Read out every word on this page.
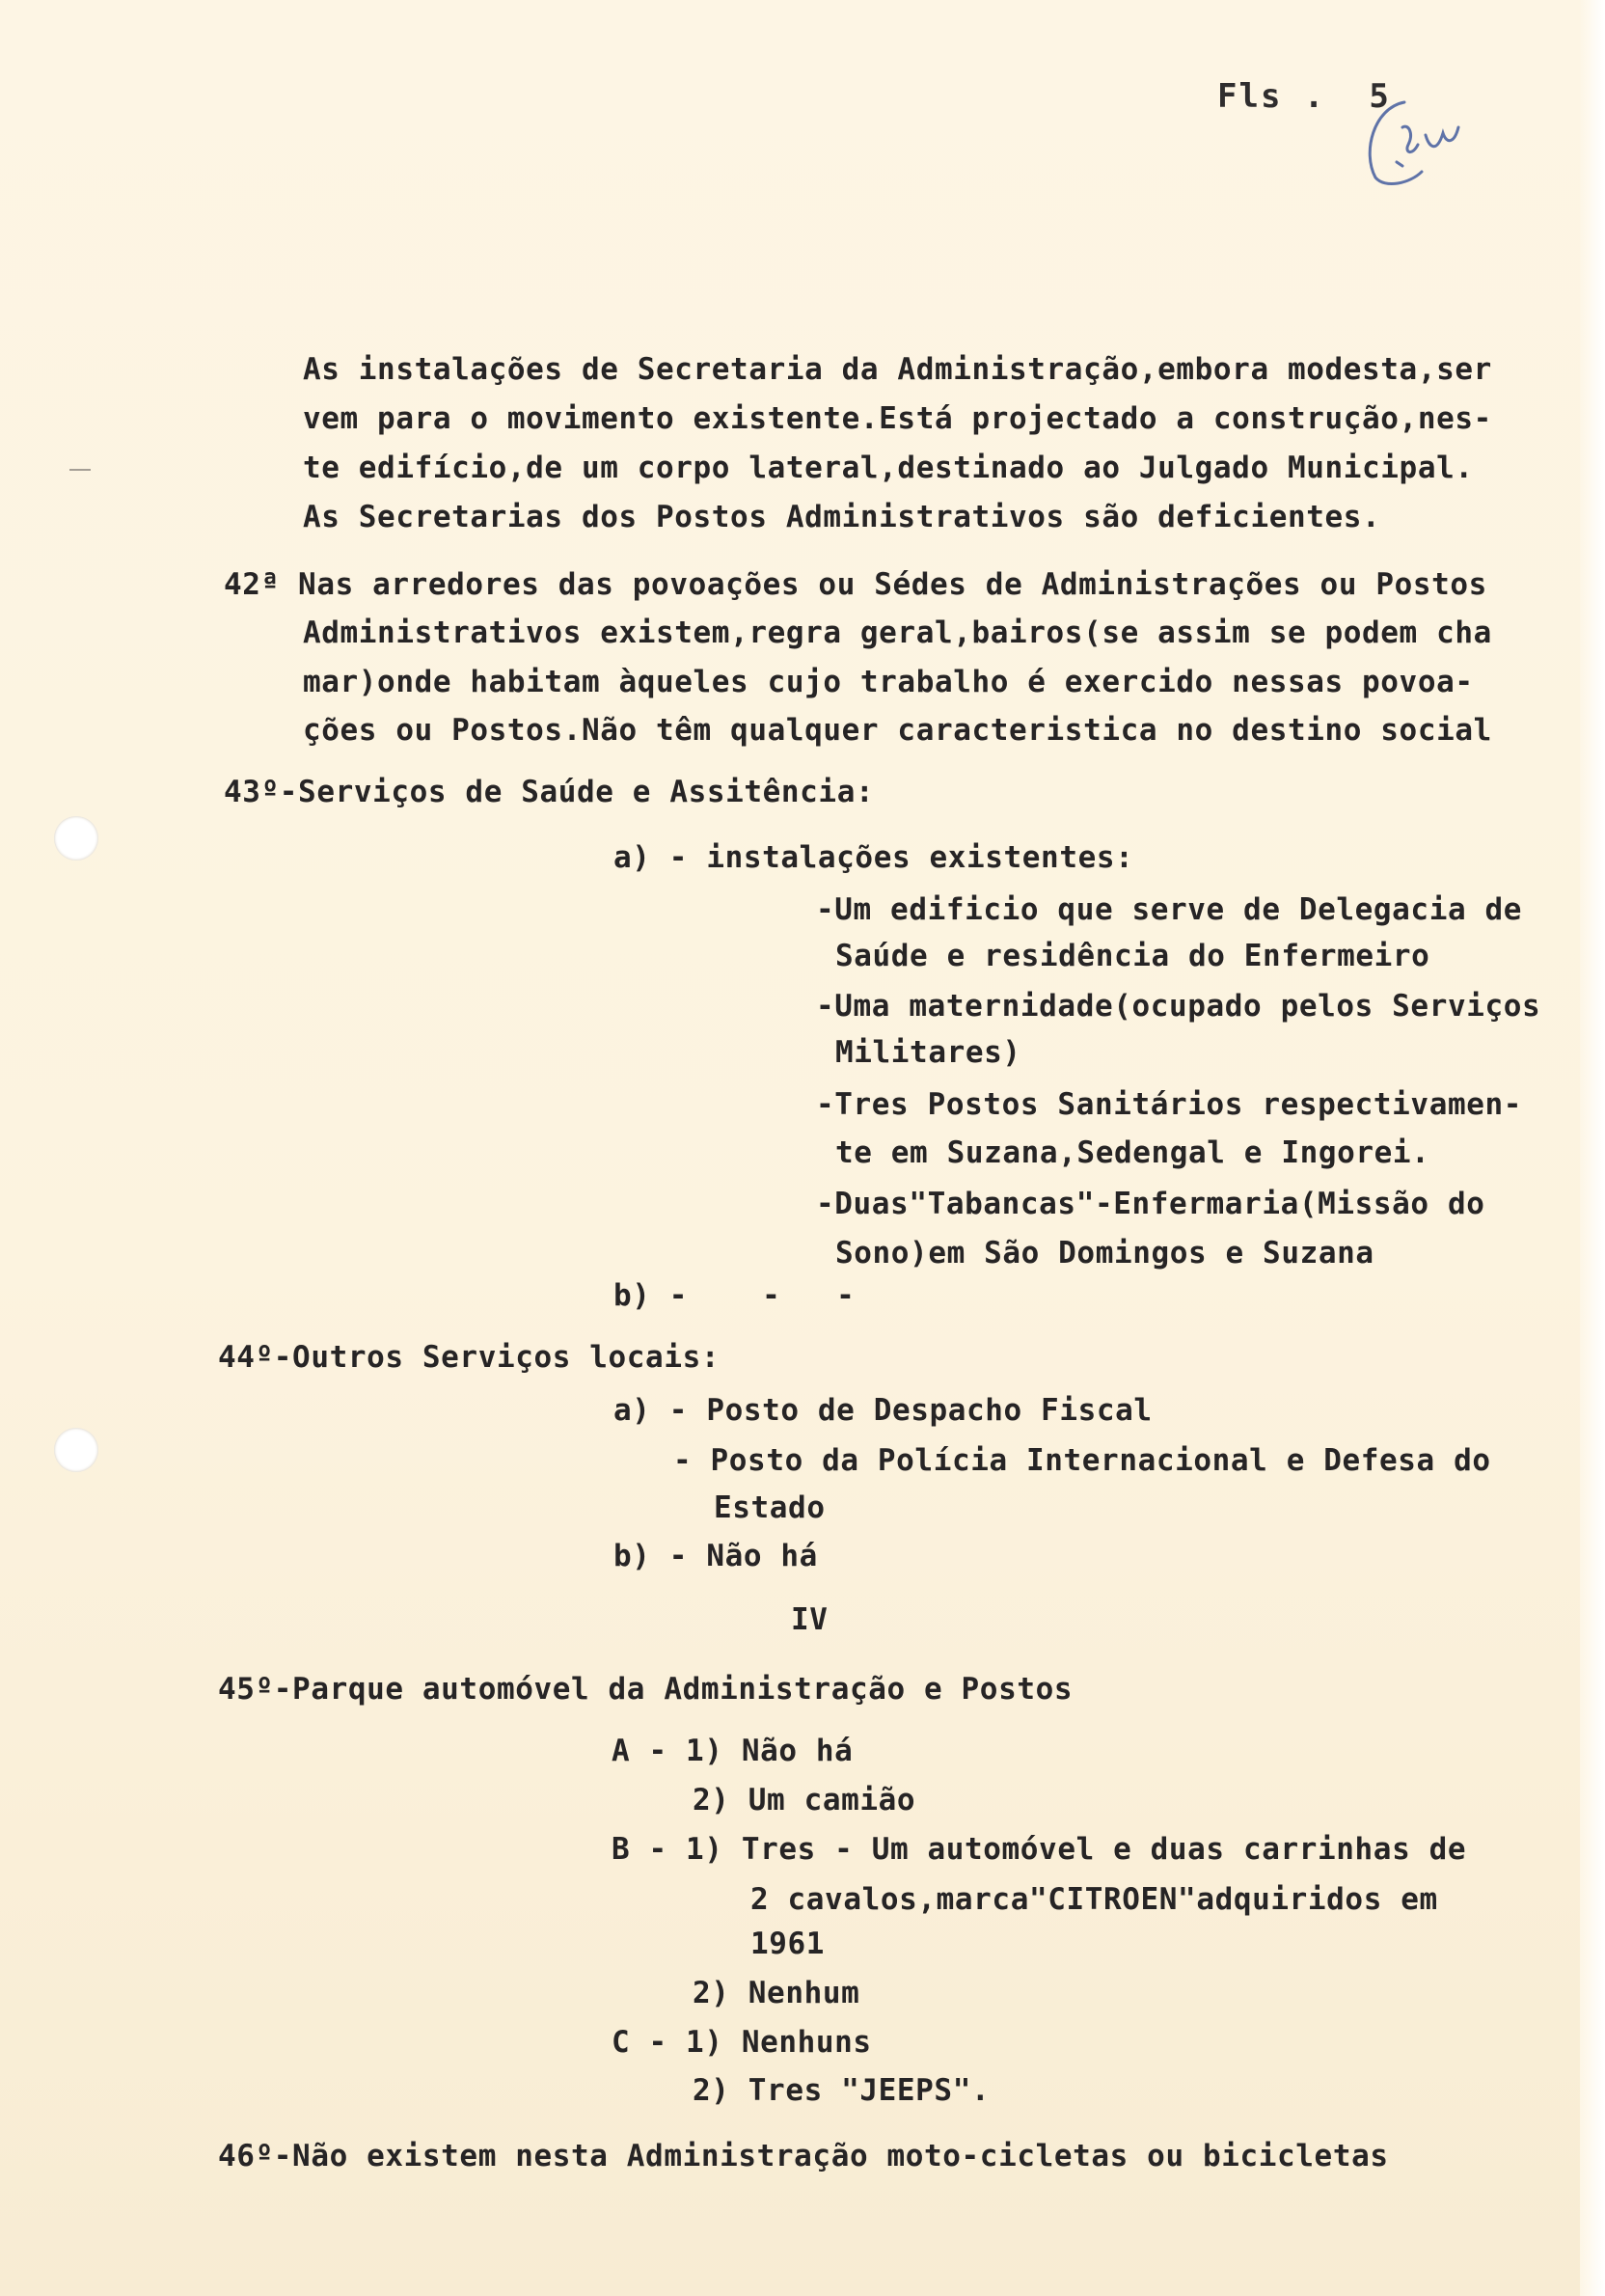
Fls . 5
As instalações de Secretaria da Administração,embora modesta,ser
vem para o movimento existente.Está projectado a construção,nes-
te edifício,de um corpo lateral,destinado ao Julgado Municipal.
As Secretarias dos Postos Administrativos são deficientes.
42ª Nas arredores das povoações ou Sédes de Administrações ou Postos
Administrativos existem,regra geral,bairos(se assim se podem cha
mar)onde habitam àqueles cujo trabalho é exercido nessas povoa-
ções ou Postos.Não têm qualquer caracteristica no destino social
43º-Serviços de Saúde e Assitência:
a) - instalações existentes:
-Um edificio que serve de Delegacia de
Saúde e residência do Enfermeiro
-Uma maternidade(ocupado pelos Serviços
Militares)
-Tres Postos Sanitários respectivamen-
te em Suzana,Sedengal e Ingorei.
-Duas"Tabancas"-Enfermaria(Missão do
Sono)em São Domingos e Suzana
b) -    -   -
44º-Outros Serviços locais:
a) - Posto de Despacho Fiscal
- Posto da Polícia Internacional e Defesa do
Estado
b) - Não há
IV
45º-Parque automóvel da Administração e Postos
A - 1) Não há
2) Um camião
B - 1) Tres - Um automóvel e duas carrinhas de
2 cavalos,marca"CITROEN"adquiridos em
1961
2) Nenhum
C - 1) Nenhuns
2) Tres "JEEPS".
46º-Não existem nesta Administração moto-cicletas ou bicicletas
